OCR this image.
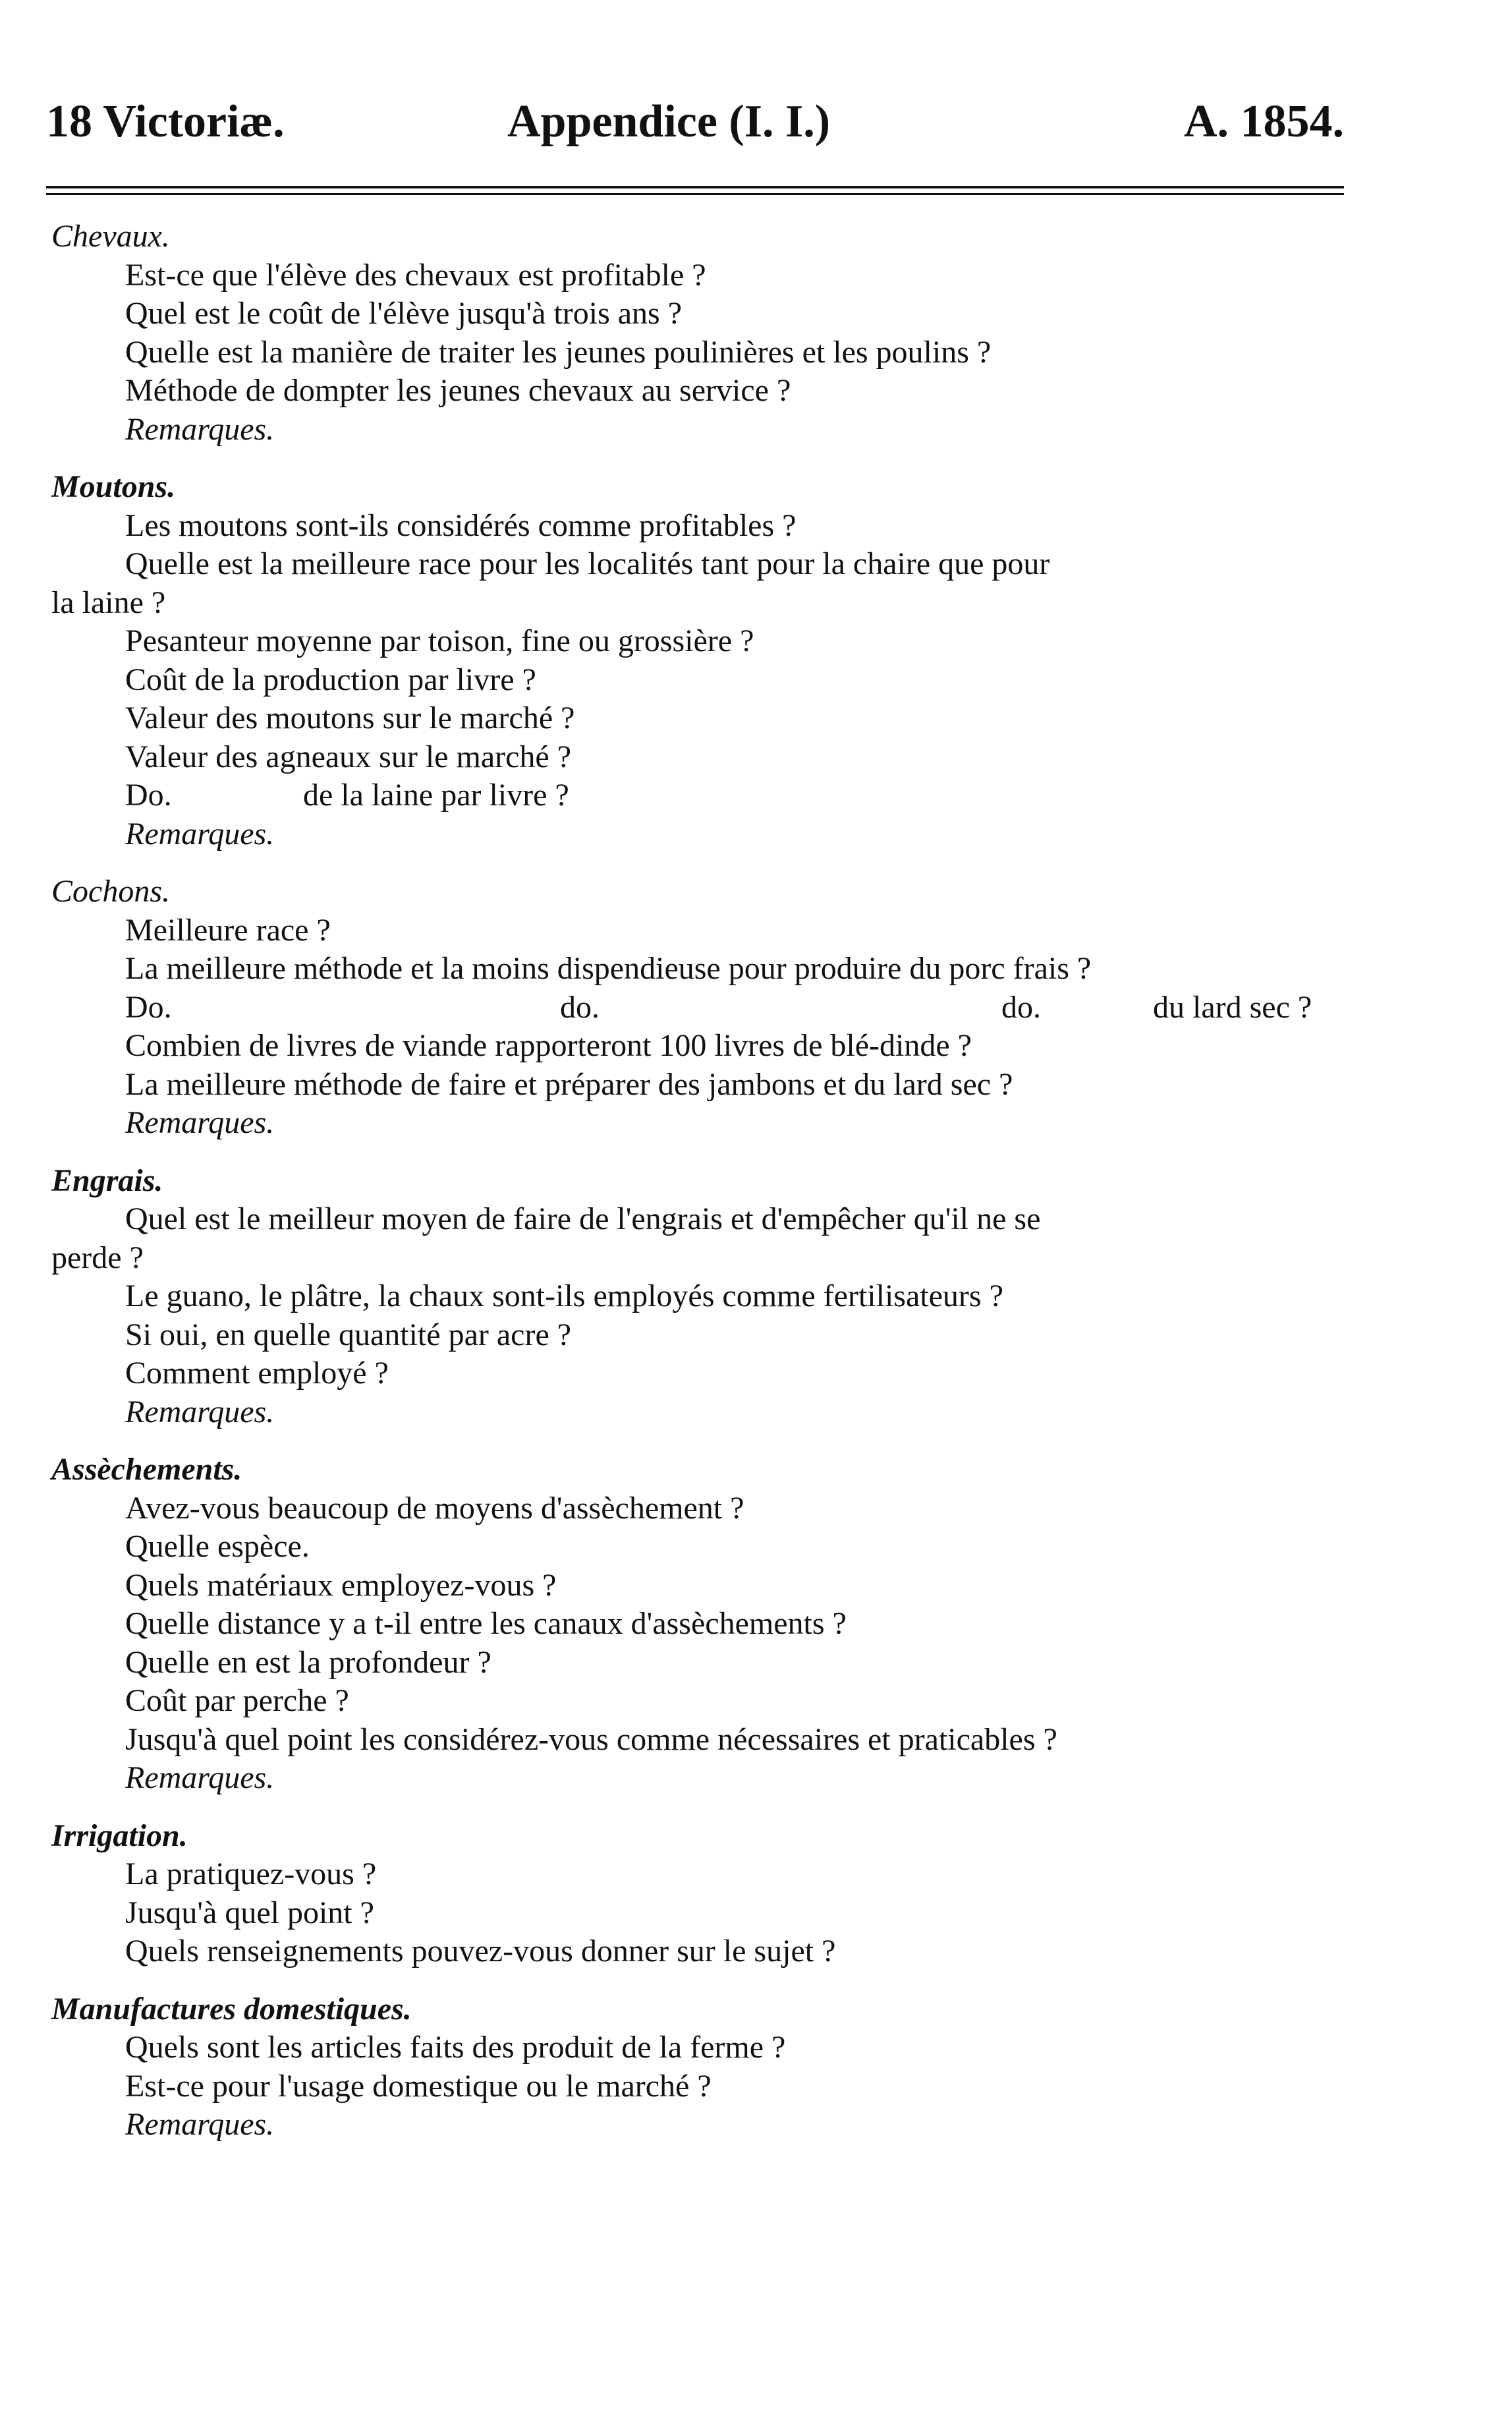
18 Victoriæ.	Appendice (I. I.)	A. 1854.
Chevaux.
Est-ce que l'élève des chevaux est profitable ?
Quel est le coût de l'élève jusqu'à trois ans ?
Quelle est la manière de traiter les jeunes poulinières et les poulins ?
Méthode de dompter les jeunes chevaux au service ?
Remarques.
Moutons.
Les moutons sont-ils considérés comme profitables ?
Quelle est la meilleure race pour les localités tant pour la chaire que pour
la laine ?
Pesanteur moyenne par toison, fine ou grossière ?
Coût de la production par livre ?
Valeur des moutons sur le marché ?
Valeur des agneaux sur le marché ?
Do.	de la laine par livre ?
Remarques.
Cochons.
Meilleure race ?
La meilleure méthode et la moins dispendieuse pour produire du porc frais ?
Do.	do.	do.	du lard sec ?
Combien de livres de viande rapporteront 100 livres de blé-dinde ?
La meilleure méthode de faire et préparer des jambons et du lard sec ?
Remarques.
Engrais.
Quel est le meilleur moyen de faire de l'engrais et d'empêcher qu'il ne se
perde ?
Le guano, le plâtre, la chaux sont-ils employés comme fertilisateurs ?
Si oui, en quelle quantité par acre ?
Comment employé ?
Remarques.
Assèchements.
Avez-vous beaucoup de moyens d'assèchement ?
Quelle espèce.
Quels matériaux employez-vous ?
Quelle distance y a t-il entre les canaux d'assèchements ?
Quelle en est la profondeur ?
Coût par perche ?
Jusqu'à quel point les considérez-vous comme nécessaires et praticables ?
Remarques.
Irrigation.
La pratiquez-vous ?
Jusqu'à quel point ?
Quels renseignements pouvez-vous donner sur le sujet ?
Manufactures domestiques.
Quels sont les articles faits des produit de la ferme ?
Est-ce pour l'usage domestique ou le marché ?
Remarques.
